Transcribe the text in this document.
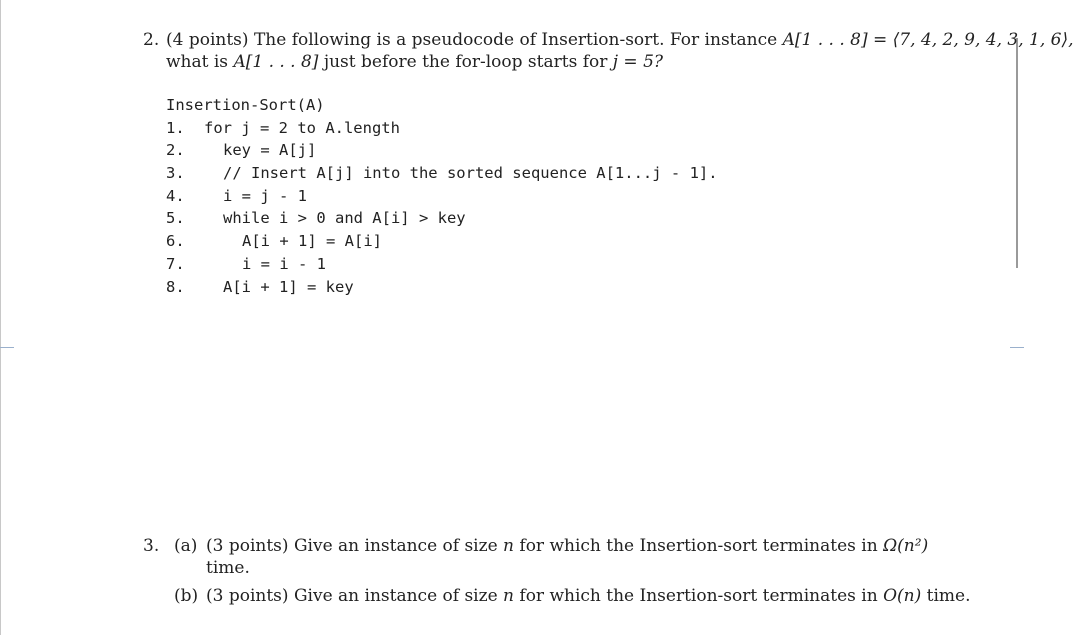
2. (4 points) The following is a pseudocode of Insertion-sort. For instance A[1 . . . 8] = ⟨7, 4, 2, 9, 4, 3, 1, 6⟩,
what is A[1 . . . 8] just before the for-loop starts for j = 5?
Insertion-Sort(A)
1.	for j = 2 to A.length
2.	key = A[j]
3.	// Insert A[j] into the sorted sequence A[1...j - 1].
4.	i = j - 1
5.	while i > 0 and A[i] > key
6.	A[i + 1] = A[i]
7.	i = i - 1
8.	A[i + 1] = key
3. (a) (3 points) Give an instance of size n for which the Insertion-sort terminates in Ω(n²)
time.
(b) (3 points) Give an instance of size n for which the Insertion-sort terminates in O(n) time.
